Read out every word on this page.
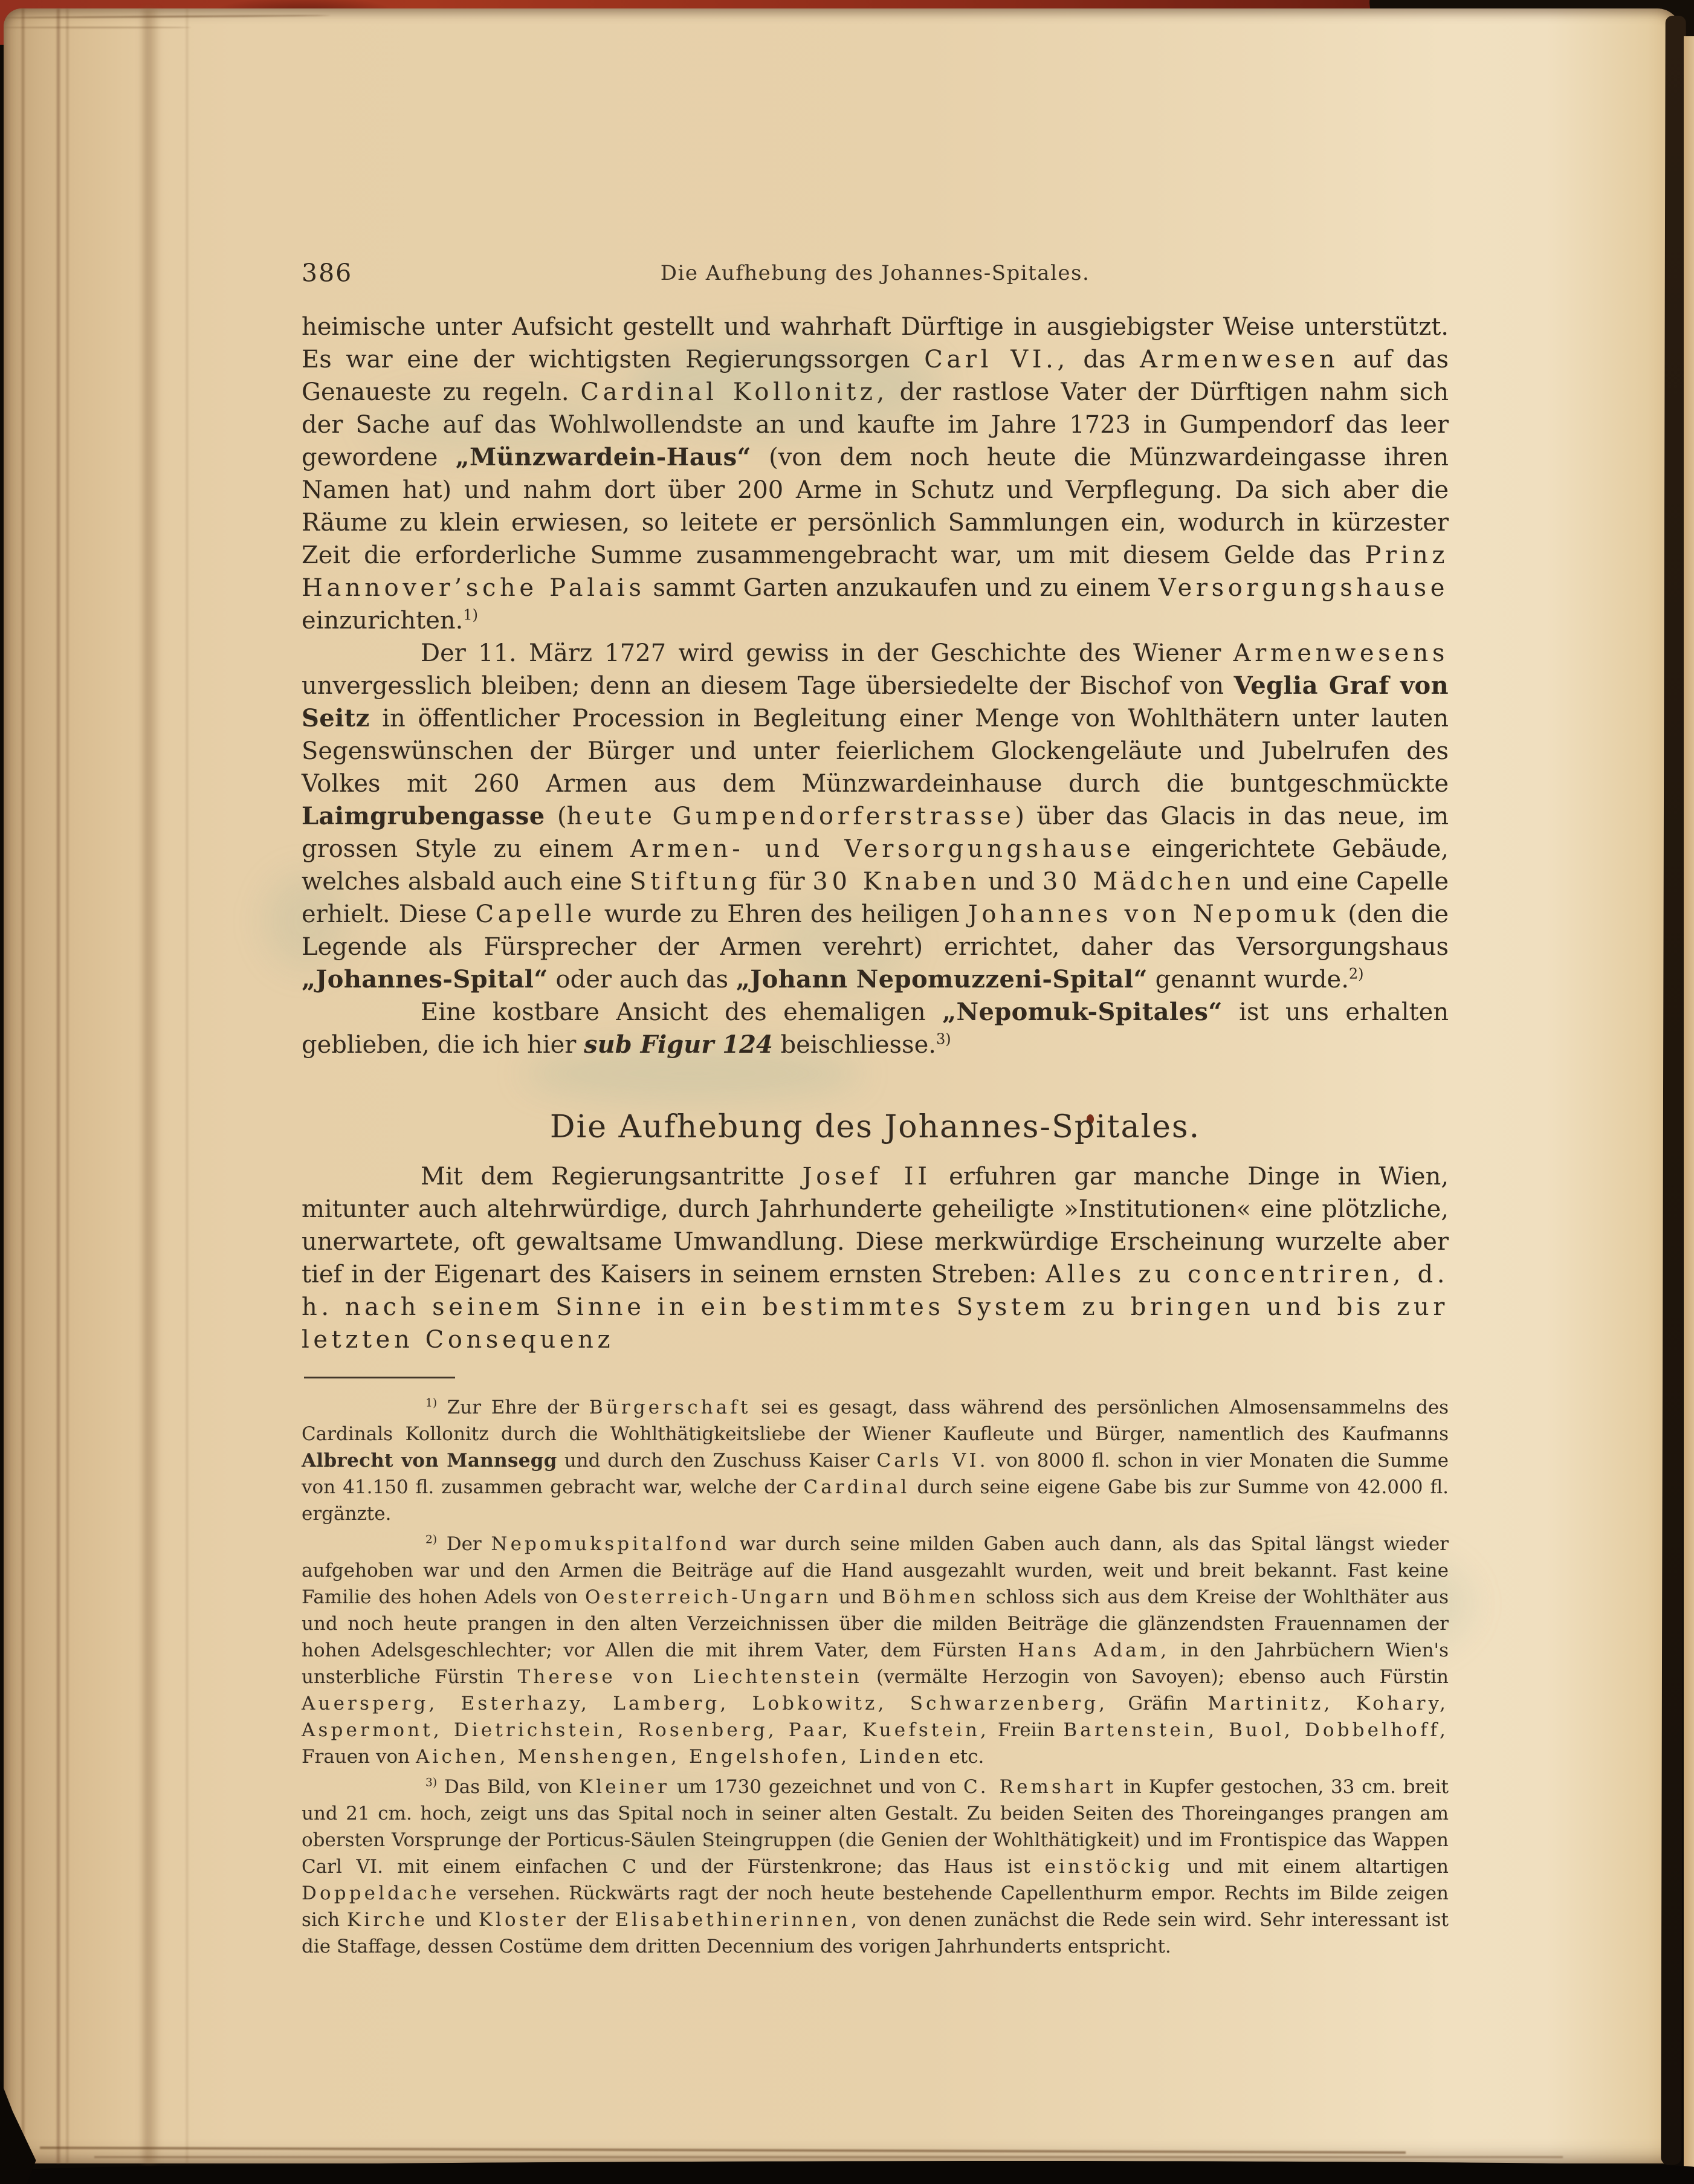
386	Die Aufhebung des Johannes-Spitales.

heimische unter Aufsicht gestellt und wahrhaft Dürftige in ausgiebigster Weise unterstützt. Es war eine der wichtigsten Regierungssorgen Carl VI., das Armenwesen auf das Genaueste zu regeln. Cardinal Kollonitz, der rastlose Vater der Dürftigen nahm sich der Sache auf das Wohlwollendste an und kaufte im Jahre 1723 in Gumpendorf das leer gewordene „Münzwardein-Haus“ (von dem noch heute die Münzwardeingasse ihren Namen hat) und nahm dort über 200 Arme in Schutz und Verpflegung. Da sich aber die Räume zu klein erwiesen, so leitete er persönlich Sammlungen ein, wodurch in kürzester Zeit die erforderliche Summe zusammengebracht war, um mit diesem Gelde das Prinz Hannover’sche Palais sammt Garten anzukaufen und zu einem Versorgungshause einzurichten.$^{1)}$

Der 11. März 1727 wird gewiss in der Geschichte des Wiener Armenwesens unvergesslich bleiben; denn an diesem Tage übersiedelte der Bischof von Veglia Graf von Seitz in öffentlicher Procession in Begleitung einer Menge von Wohlthätern unter lauten Segenswünschen der Bürger und unter feierlichem Glockengeläute und Jubelrufen des Volkes mit 260 Armen aus dem Münzwardeinhause durch die buntgeschmückte Laimgrubengasse (heute Gumpendorferstrasse) über das Glacis in das neue, im grossen Style zu einem Armen- und Versorgungshause eingerichtete Gebäude, welches alsbald auch eine Stiftung für 30 Knaben und 30 Mädchen und eine Capelle erhielt. Diese Capelle wurde zu Ehren des heiligen Johannes von Nepomuk (den die Legende als Fürsprecher der Armen verehrt) errichtet, daher das Versorgungshaus „Johannes-Spital“ oder auch das „Johann Nepomuzzeni-Spital“ genannt wurde.$^{2)}$

Eine kostbare Ansicht des ehemaligen „Nepomuk-Spitales“ ist uns erhalten geblieben, die ich hier sub Figur 124 beischliesse.$^{3)}$

Die Aufhebung des Johannes-Spitales.

Mit dem Regierungsantritte Josef II erfuhren gar manche Dinge in Wien, mitunter auch altehrwürdige, durch Jahrhunderte geheiligte »Institutionen« eine plötzliche, unerwartete, oft gewaltsame Umwandlung. Diese merkwürdige Erscheinung wurzelte aber tief in der Eigenart des Kaisers in seinem ernsten Streben: Alles zu concentriren, d. h. nach seinem Sinne in ein bestimmtes System zu bringen und bis zur letzten Consequenz

$^{1)}$ Zur Ehre der Bürgerschaft sei es gesagt, dass während des persönlichen Almosensammelns des Cardinals Kollonitz durch die Wohlthätigkeitsliebe der Wiener Kaufleute und Bürger, namentlich des Kaufmanns Albrecht von Mannsegg und durch den Zuschuss Kaiser Carls VI. von 8000 fl. schon in vier Monaten die Summe von 41.150 fl. zusammen gebracht war, welche der Cardinal durch seine eigene Gabe bis zur Summe von 42.000 fl. ergänzte.

$^{2)}$ Der Nepomukspitalfond war durch seine milden Gaben auch dann, als das Spital längst wieder aufgehoben war und den Armen die Beiträge auf die Hand ausgezahlt wurden, weit und breit bekannt. Fast keine Familie des hohen Adels von Oesterreich-Ungarn und Böhmen schloss sich aus dem Kreise der Wohlthäter aus und noch heute prangen in den alten Verzeichnissen über die milden Beiträge die glänzendsten Frauennamen der hohen Adelsgeschlechter; vor Allen die mit ihrem Vater, dem Fürsten Hans Adam, in den Jahrbüchern Wien's unsterbliche Fürstin Therese von Liechtenstein (vermälte Herzogin von Savoyen); ebenso auch Fürstin Auersperg, Esterhazy, Lamberg, Lobkowitz, Schwarzenberg, Gräfin Martinitz, Kohary, Aspermont, Dietrichstein, Rosenberg, Paar, Kuefstein, Freiin Bartenstein, Buol, Dobbelhoff, Frauen von Aichen, Menshengen, Engelshofen, Linden etc.

$^{3)}$ Das Bild, von Kleiner um 1730 gezeichnet und von C. Remshart in Kupfer gestochen, 33 cm. breit und 21 cm. hoch, zeigt uns das Spital noch in seiner alten Gestalt. Zu beiden Seiten des Thoreinganges prangen am obersten Vorsprunge der Porticus-Säulen Steingruppen (die Genien der Wohlthätigkeit) und im Frontispice das Wappen Carl VI. mit einem einfachen C und der Fürstenkrone; das Haus ist einstöckig und mit einem altartigen Doppeldache versehen. Rückwärts ragt der noch heute bestehende Capellenthurm empor. Rechts im Bilde zeigen sich Kirche und Kloster der Elisabethinerinnen, von denen zunächst die Rede sein wird. Sehr interessant ist die Staffage, dessen Costüme dem dritten Decennium des vorigen Jahrhunderts entspricht.
